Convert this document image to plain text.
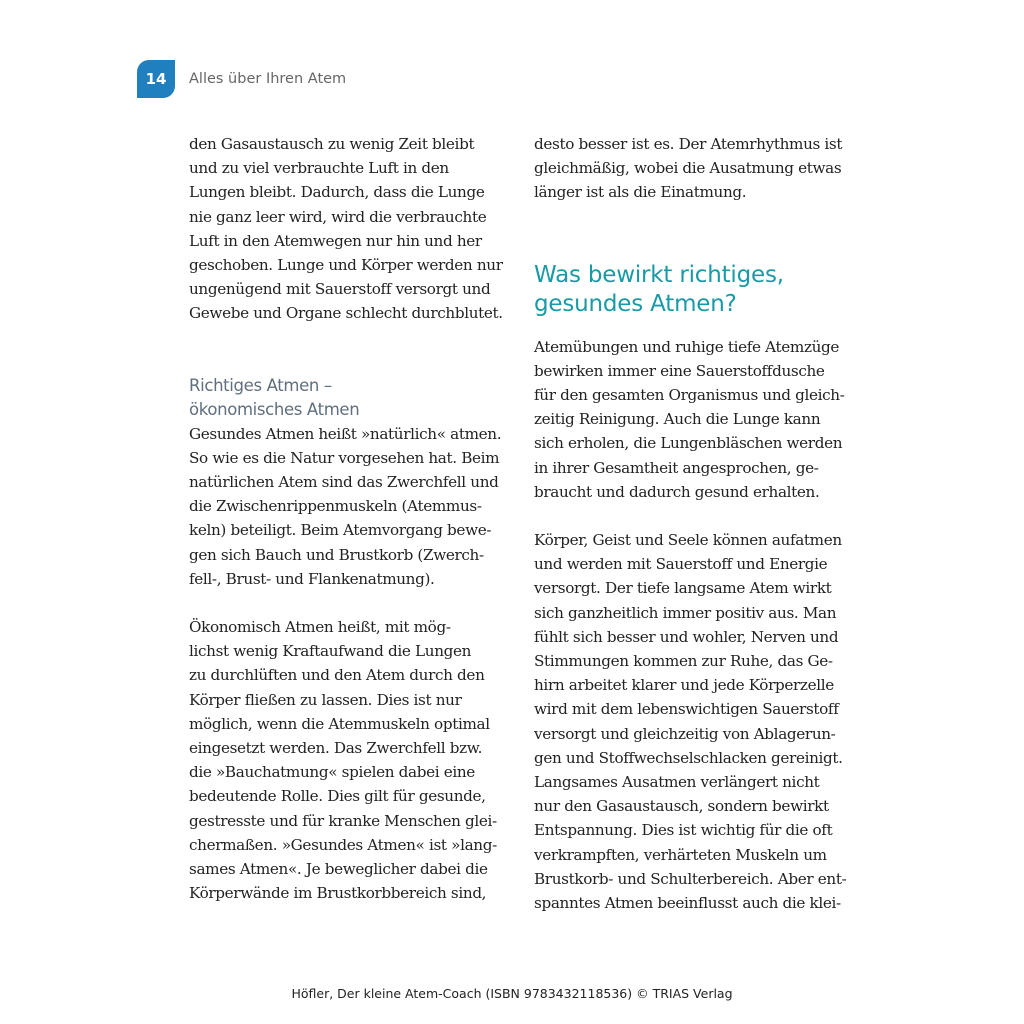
14	Alles über Ihren Atem

den Gasaustausch zu wenig Zeit bleibt
und zu viel verbrauchte Luft in den
Lungen bleibt. Dadurch, dass die Lunge
nie ganz leer wird, wird die verbrauchte
Luft in den Atemwegen nur hin und her
geschoben. Lunge und Körper werden nur
ungenügend mit Sauerstoff versorgt und
Gewebe und Organe schlecht durchblutet.

Richtiges Atmen –
ökonomisches Atmen

Gesundes Atmen heißt »natürlich« atmen.
So wie es die Natur vorgesehen hat. Beim
natürlichen Atem sind das Zwerchfell und
die Zwischenrippenmuskeln (Atemmus-
keln) beteiligt. Beim Atemvorgang bewe-
gen sich Bauch und Brustkorb (Zwerch-
fell-, Brust- und Flankenatmung).

Ökonomisch Atmen heißt, mit mög-
lichst wenig Kraftaufwand die Lungen
zu durchlüften und den Atem durch den
Körper fließen zu lassen. Dies ist nur
möglich, wenn die Atemmuskeln optimal
eingesetzt werden. Das Zwerchfell bzw.
die »Bauchatmung« spielen dabei eine
bedeutende Rolle. Dies gilt für gesunde,
gestresste und für kranke Menschen glei-
chermaßen. »Gesundes Atmen« ist »lang-
sames Atmen«. Je beweglicher dabei die
Körperwände im Brustkorbbereich sind,

desto besser ist es. Der Atemrhythmus ist
gleichmäßig, wobei die Ausatmung etwas
länger ist als die Einatmung.

Was bewirkt richtiges,
gesundes Atmen?

Atemübungen und ruhige tiefe Atemzüge
bewirken immer eine Sauerstoffdusche
für den gesamten Organismus und gleich-
zeitig Reinigung. Auch die Lunge kann
sich erholen, die Lungenbläschen werden
in ihrer Gesamtheit angesprochen, ge-
braucht und dadurch gesund erhalten.

Körper, Geist und Seele können aufatmen
und werden mit Sauerstoff und Energie
versorgt. Der tiefe langsame Atem wirkt
sich ganzheitlich immer positiv aus. Man
fühlt sich besser und wohler, Nerven und
Stimmungen kommen zur Ruhe, das Ge-
hirn arbeitet klarer und jede Körperzelle
wird mit dem lebenswichtigen Sauerstoff
versorgt und gleichzeitig von Ablagerun-
gen und Stoffwechselschlacken gereinigt.
Langsames Ausatmen verlängert nicht
nur den Gasaustausch, sondern bewirkt
Entspannung. Dies ist wichtig für die oft
verkrampften, verhärteten Muskeln um
Brustkorb- und Schulterbereich. Aber ent-
spanntes Atmen beeinflusst auch die klei-

Höfler, Der kleine Atem-Coach (ISBN 9783432118536) © TRIAS Verlag
